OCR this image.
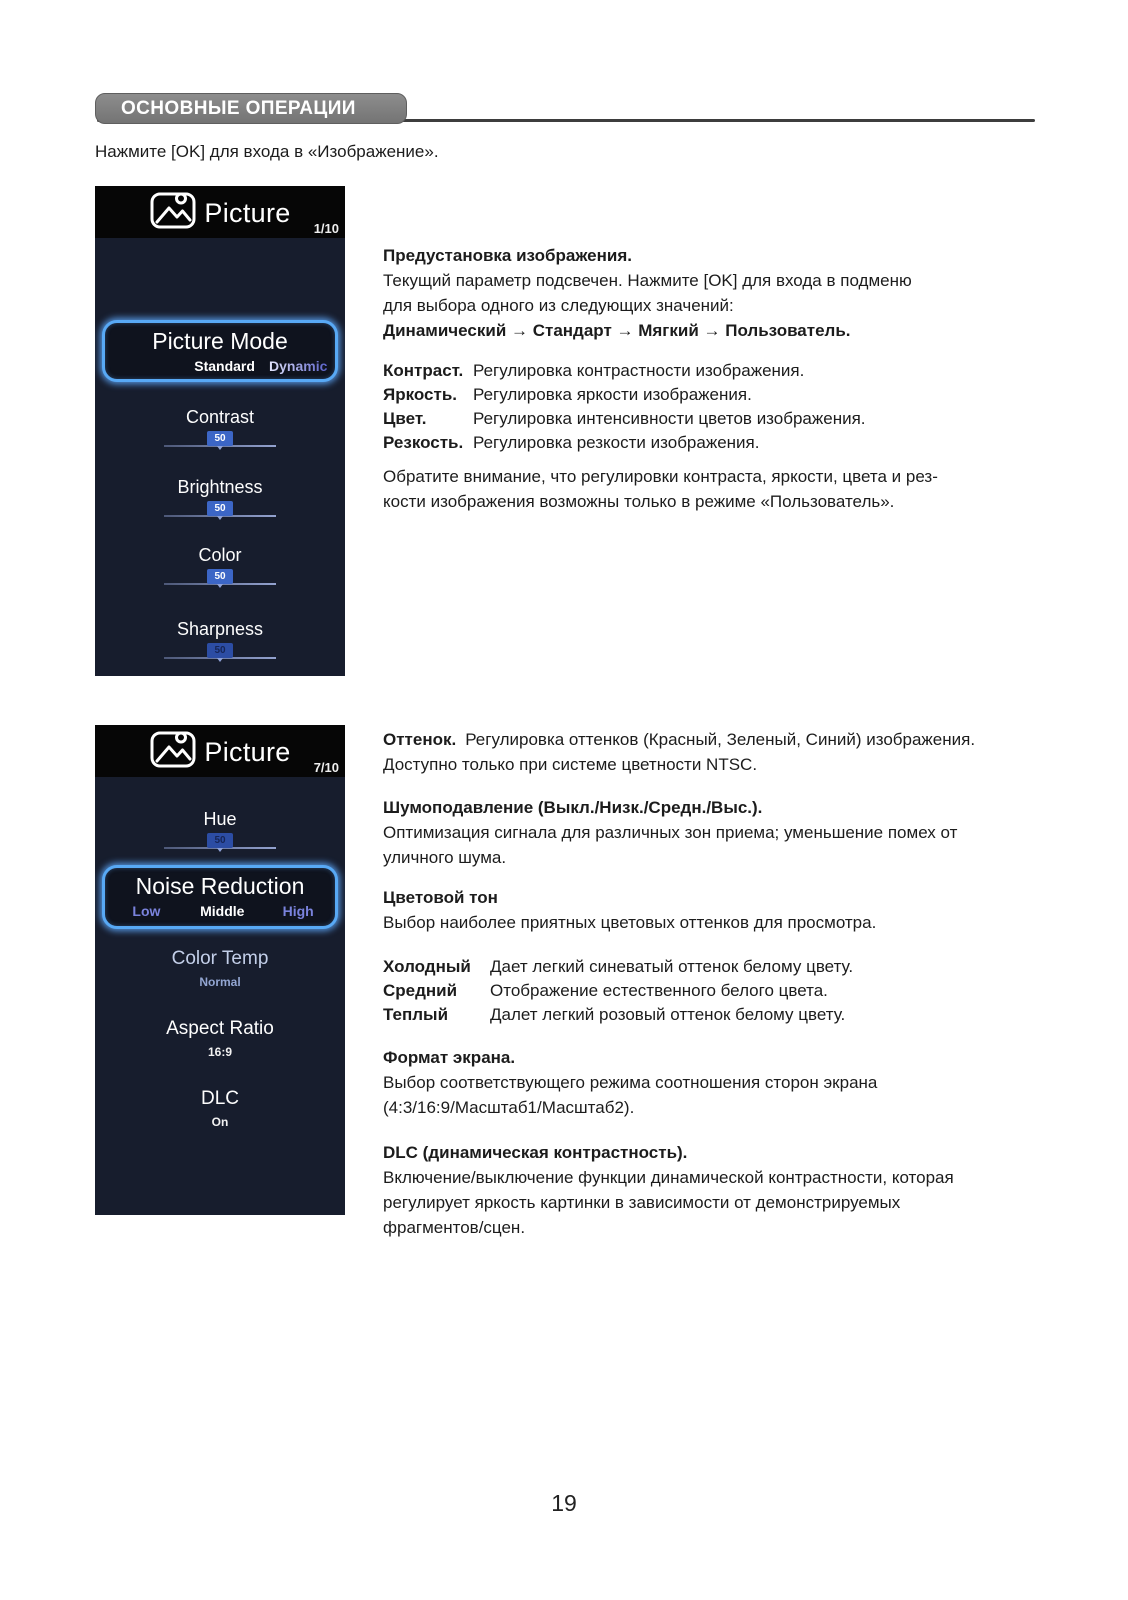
ОСНОВНЫЕ ОПЕРАЦИИ
Нажмите [OK] для входа в «Изображение».
Picture
1/10
Picture Mode
Standard Dynamic
Contrast
50
Brightness
50
Color
50
Sharpness
50
Picture
7/10
Hue
50
Noise Reduction
Low	Middle	High
Color Temp
Normal
Aspect Ratio
16:9
DLC
On
Предустановка изображения.
Текущий параметр подсвечен. Нажмите [OK] для входа в подменю
для выбора одного из следующих значений:
Динамический → Стандарт → Мягкий → Пользователь.
Контраст. Регулировка контрастности изображения.
Яркость. Регулировка яркости изображения.
Цвет.	Регулировка интенсивности цветов изображения.
Резкость. Регулировка резкости изображения.
Обратите внимание, что регулировки контраста, яркости, цвета и рез-
кости изображения возможны только в режиме «Пользователь».
Оттенок. Регулировка оттенков (Красный, Зеленый, Синий) изображения.
Доступно только при системе цветности NTSC.
Шумоподавление (Выкл./Низк./Средн./Выс.).
Оптимизация сигнала для различных зон приема; уменьшение помех от
уличного шума.
Цветовой тон
Выбор наиболее приятных цветовых оттенков для просмотра.
Холодный	Дает легкий синеватый оттенок белому цвету.
Средний	Отображение естественного белого цвета.
Теплый	Далет легкий розовый оттенок белому цвету.
Формат экрана.
Выбор соответствующего режима соотношения сторон экрана
(4:3/16:9/Масштаб1/Масштаб2).
DLC (динамическая контрастность).
Включение/выключение функции динамической контрастности, которая
регулирует яркость картинки в зависимости от демонстрируемых
фрагментов/сцен.
19
